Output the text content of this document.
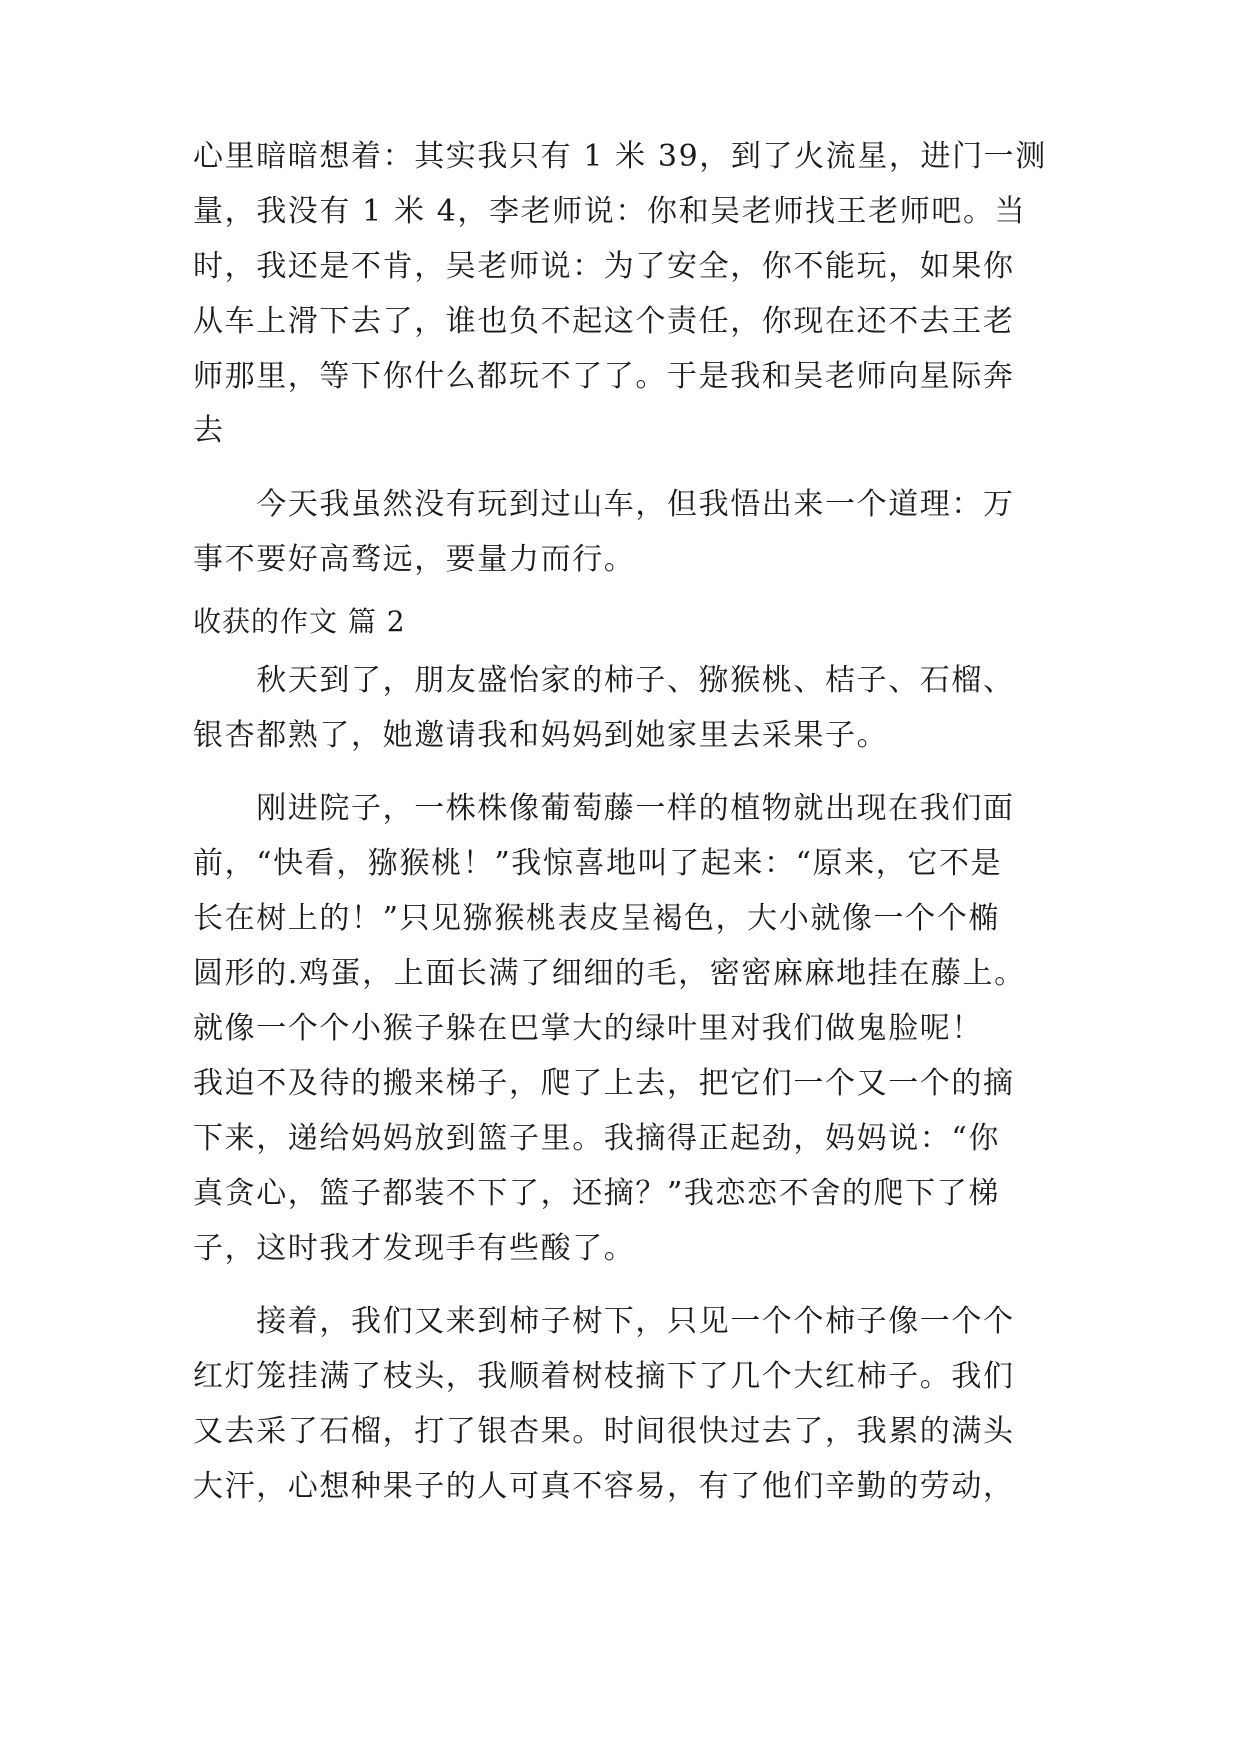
心里暗暗想着：其实我只有 1 米 39，到了火流星，进门一测
量，我没有 1 米 4，李老师说：你和吴老师找王老师吧。当
时，我还是不肯，吴老师说：为了安全，你不能玩，如果你
从车上滑下去了，谁也负不起这个责任，你现在还不去王老
师那里，等下你什么都玩不了了。于是我和吴老师向星际奔
去
　　今天我虽然没有玩到过山车，但我悟出来一个道理：万
事不要好高骛远，要量力而行。
收获的作文 篇 2
　　秋天到了，朋友盛怡家的柿子、猕猴桃、桔子、石榴、
银杏都熟了，她邀请我和妈妈到她家里去采果子。
　　刚进院子，一株株像葡萄藤一样的植物就出现在我们面
前，“快看，猕猴桃！”我惊喜地叫了起来：“原来，它不是
长在树上的！”只见猕猴桃表皮呈褐色，大小就像一个个椭
圆形的.鸡蛋，上面长满了细细的毛，密密麻麻地挂在藤上。
就像一个个小猴子躲在巴掌大的绿叶里对我们做鬼脸呢！
我迫不及待的搬来梯子，爬了上去，把它们一个又一个的摘
下来，递给妈妈放到篮子里。我摘得正起劲，妈妈说：“你
真贪心，篮子都装不下了，还摘？”我恋恋不舍的爬下了梯
子，这时我才发现手有些酸了。
　　接着，我们又来到柿子树下，只见一个个柿子像一个个
红灯笼挂满了枝头，我顺着树枝摘下了几个大红柿子。我们
又去采了石榴，打了银杏果。时间很快过去了，我累的满头
大汗，心想种果子的人可真不容易，有了他们辛勤的劳动，
